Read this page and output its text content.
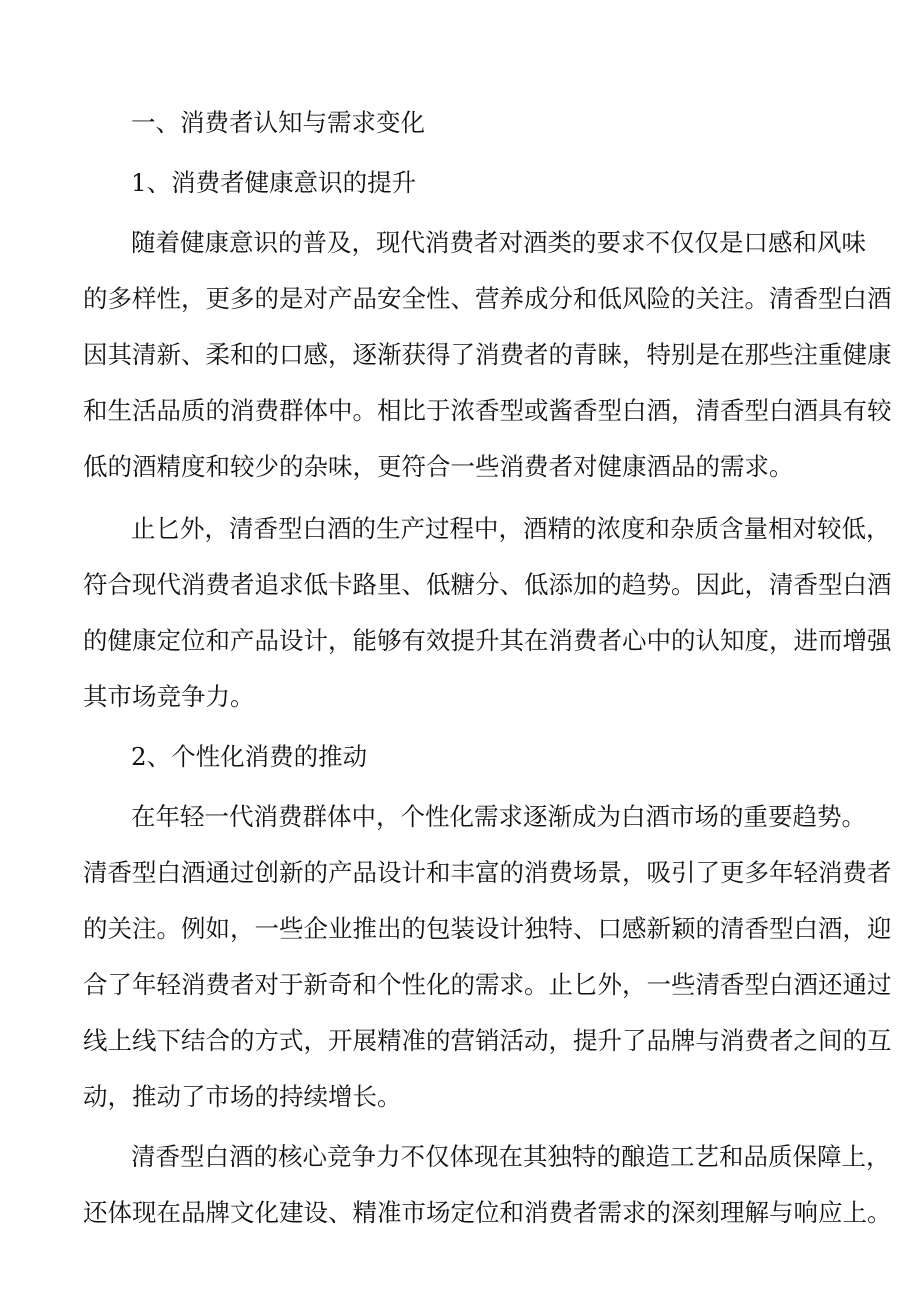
一、消费者认知与需求变化

1、消费者健康意识的提升

随着健康意识的普及，现代消费者对酒类的要求不仅仅是口感和风味

的多样性，更多的是对产品安全性、营养成分和低风险的关注。清香型白酒

因其清新、柔和的口感，逐渐获得了消费者的青睐，特别是在那些注重健康

和生活品质的消费群体中。相比于浓香型或酱香型白酒，清香型白酒具有较

低的酒精度和较少的杂味，更符合一些消费者对健康酒品的需求。

止匕外，清香型白酒的生产过程中，酒精的浓度和杂质含量相对较低，

符合现代消费者追求低卡路里、低糖分、低添加的趋势。因此，清香型白酒

的健康定位和产品设计，能够有效提升其在消费者心中的认知度，进而增强

其市场竞争力。

2、个性化消费的推动

在年轻一代消费群体中，个性化需求逐渐成为白酒市场的重要趋势。

清香型白酒通过创新的产品设计和丰富的消费场景，吸引了更多年轻消费者

的关注。例如，一些企业推出的包装设计独特、口感新颖的清香型白酒，迎

合了年轻消费者对于新奇和个性化的需求。止匕外，一些清香型白酒还通过

线上线下结合的方式，开展精准的营销活动，提升了品牌与消费者之间的互

动，推动了市场的持续增长。

清香型白酒的核心竞争力不仅体现在其独特的酿造工艺和品质保障上，

还体现在品牌文化建设、精准市场定位和消费者需求的深刻理解与响应上。
